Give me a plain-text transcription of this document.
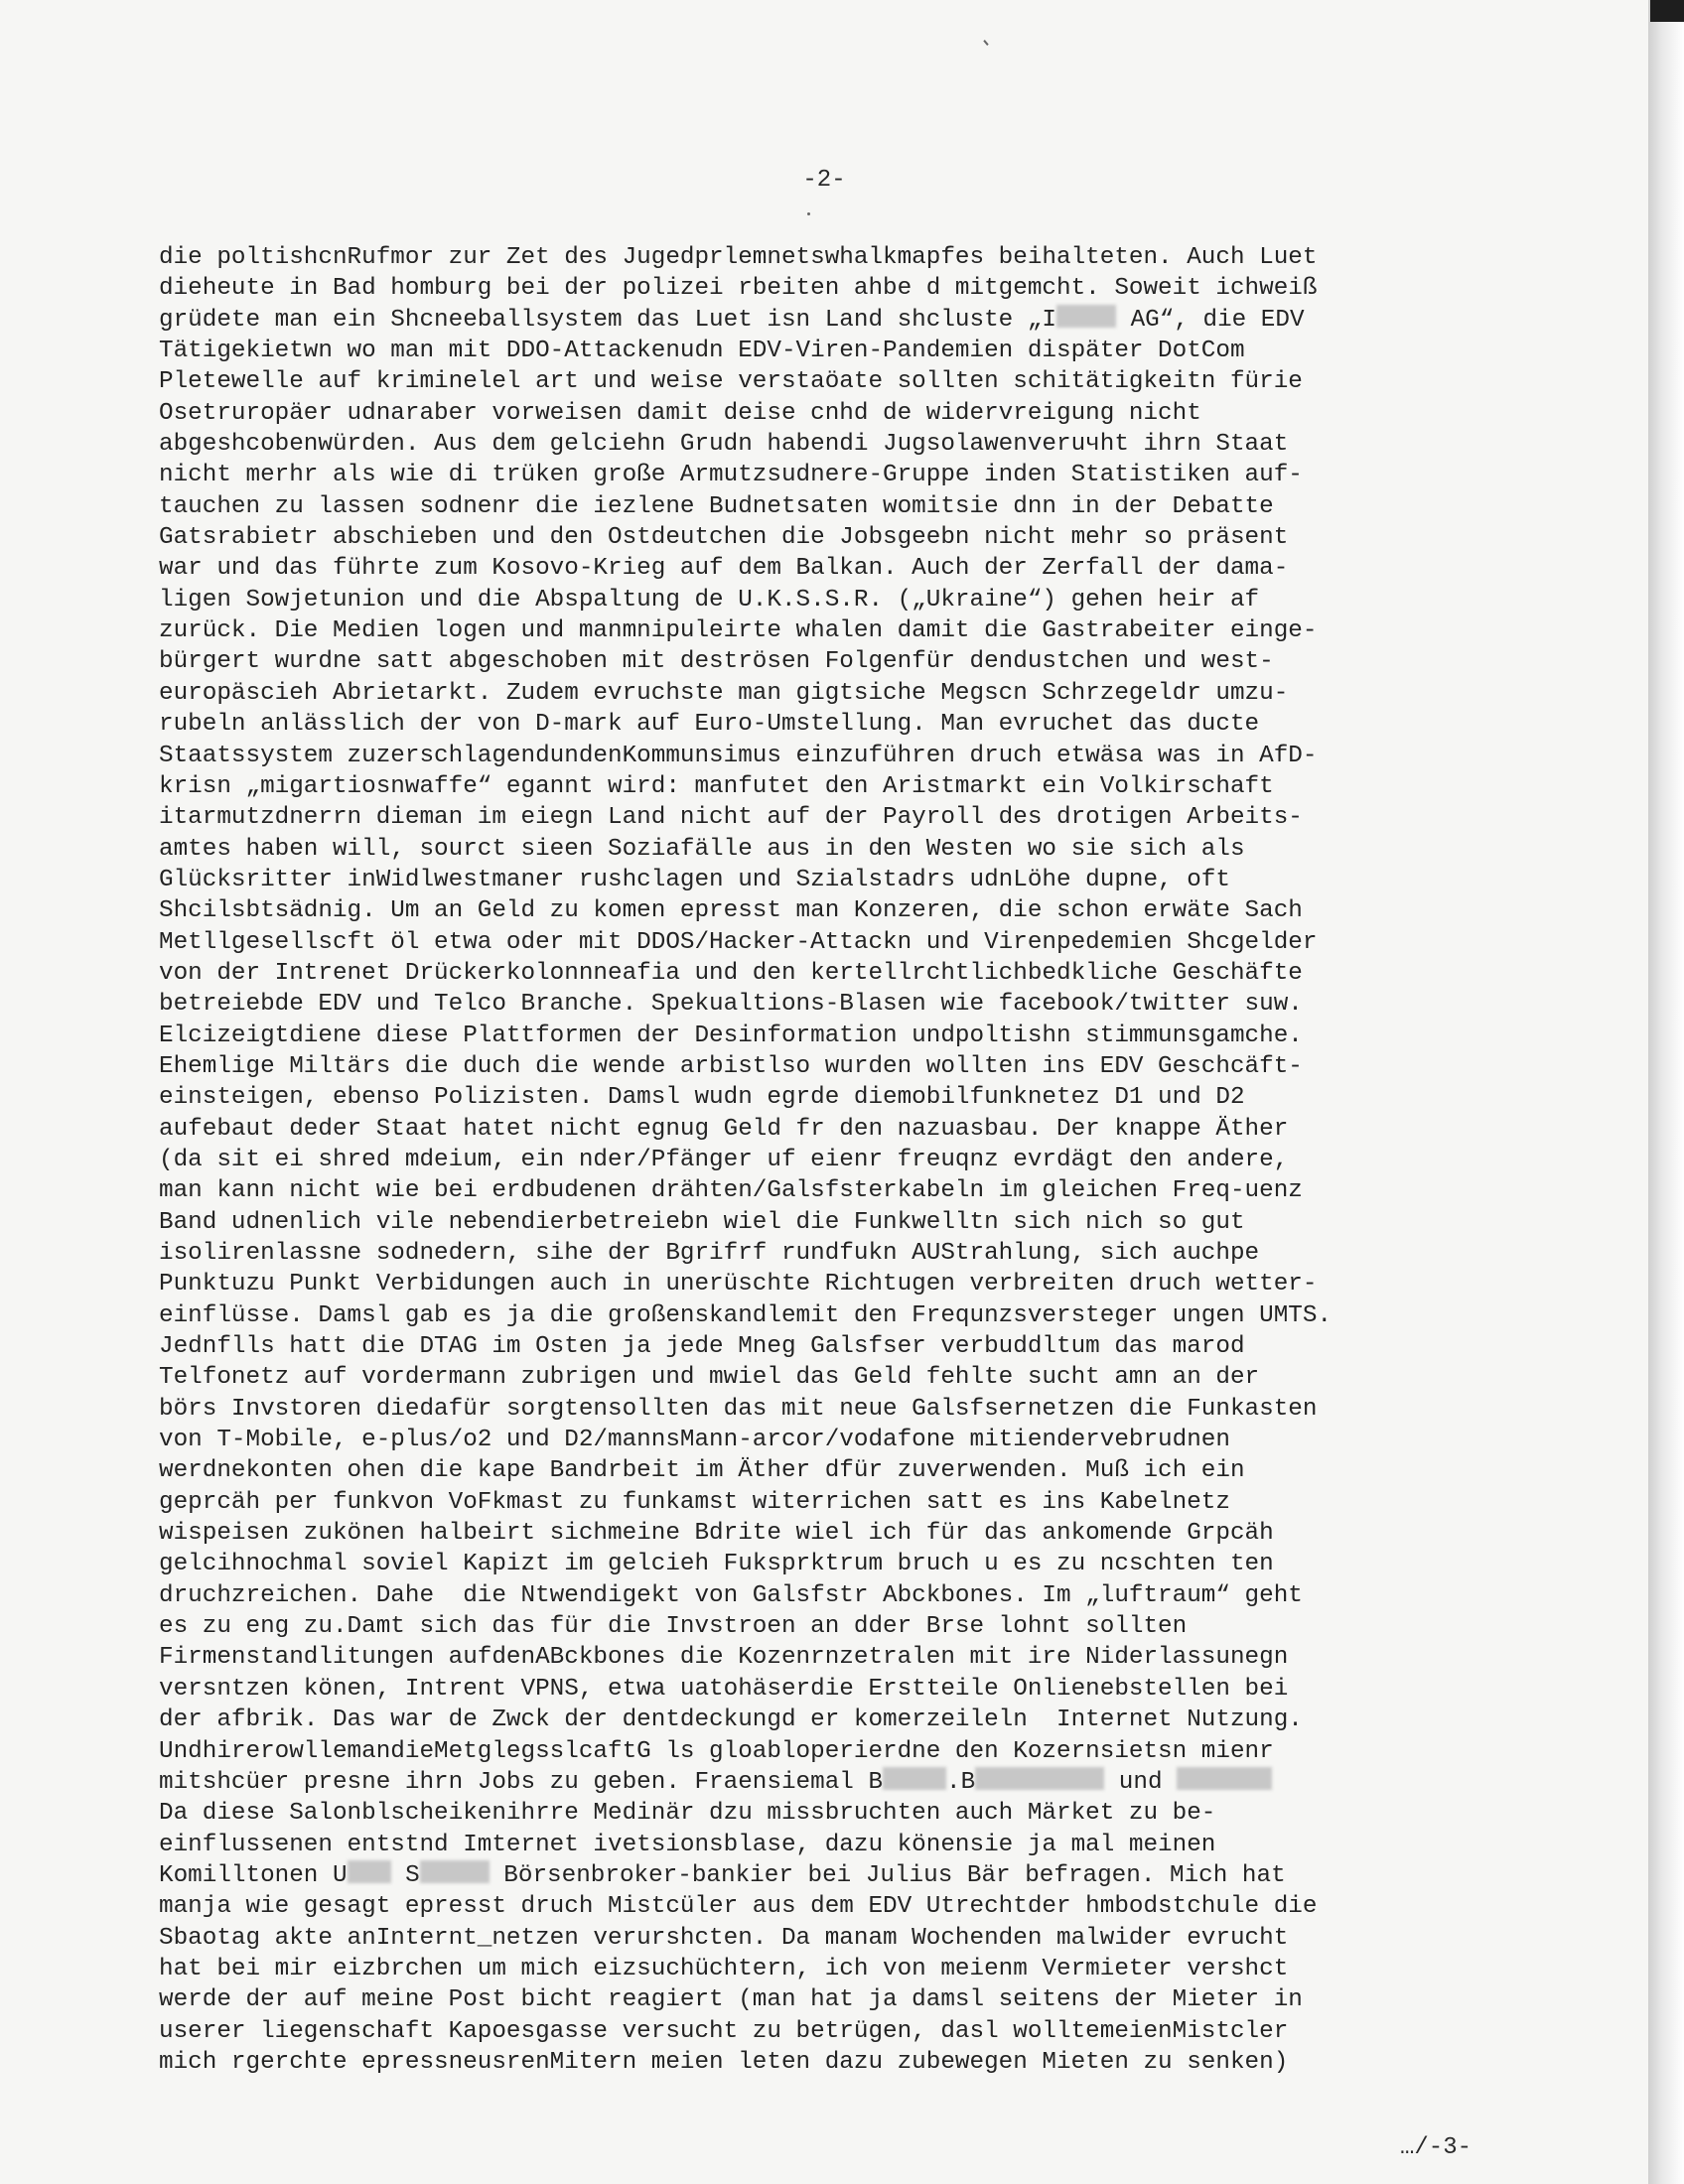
-2-
die poltishcnRufmor zur Zet des Jugedprlemnetswhalkmapfes beihalteten. Auch Luet
dieheute in Bad homburg bei der polizei rbeiten ahbe d mitgemcht. Soweit ichweiß
grüdete man ein Shcneeballsystem das Luet isn Land shcluste „I AG“, die EDV
Tätigekietwn wo man mit DDO-Attackenudn EDV-Viren-Pandemien dispäter DotCom
Pletewelle auf kriminelel art und weise verstaöate sollten schitätigkeitn fürie
Osetruropäer udnaraber vorweisen damit deise cnhd de widervreigung nicht
abgeshcobenwürden. Aus dem gelciehn Grudn habendi Jugsolawenveruчht ihrn Staat
nicht merhr als wie di trüken große Armutzsudnere-Gruppe inden Statistiken auf-
tauchen zu lassen sodnenr die iezlene Budnetsaten womitsie dnn in der Debatte
Gatsrabietr abschieben und den Ostdeutchen die Jobsgeebn nicht mehr so präsent
war und das führte zum Kosovo-Krieg auf dem Balkan. Auch der Zerfall der dama-
ligen Sowjetunion und die Abspaltung de U.K.S.S.R. („Ukraine“) gehen heir af
zurück. Die Medien logen und manmnipuleirte whalen damit die Gastrabeiter einge-
bürgert wurdne satt abgeschoben mit deströsen Folgenfür dendustchen und west-
europäscieh Abrietarkt. Zudem evruchste man gigtsiche Megscn Schrzegeldr umzu-
rubeln anlässlich der von D-mark auf Euro-Umstellung. Man evruchet das ducte
Staatssystem zuzerschlagendundenKommunsimus einzuführen druch etwäsa was in AfD-
krisn „migartiosnwaffe“ egannt wird: manfutet den Aristmarkt ein Volkirschaft
itarmutzdnerrn dieman im eiegn Land nicht auf der Payroll des drotigen Arbeits-
amtes haben will, sourct sieen Soziafälle aus in den Westen wo sie sich als
Glücksritter inWidlwestmaner rushclagen und Szialstadrs udnLöhe dupne, oft
Shcilsbtsädnig. Um an Geld zu komen epresst man Konzeren, die schon erwäte Sach
Metllgesellscft öl etwa oder mit DDOS/Hacker-Attackn und Virenpedemien Shcgelder
von der Intrenet Drückerkolonnneafia und den kertellrchtlichbedkliche Geschäfte
betreiebde EDV und Telco Branche. Spekualtions-Blasen wie facebook/twitter suw.
Elcizeigtdiene diese Plattformen der Desinformation undpoltishn stimmunsgamche.
Ehemlige Miltärs die duch die wende arbistlso wurden wollten ins EDV Geschcäft-
einsteigen, ebenso Polizisten. Damsl wudn egrde diemobilfunknetez D1 und D2
aufebaut deder Staat hatet nicht egnug Geld fr den nazuasbau. Der knappe Äther
(da sit ei shred mdeium, ein nder/Pfänger uf eienr freuqnz evrdägt den andere,
man kann nicht wie bei erdbudenen drähten/Galsfsterkabeln im gleichen Freq-uenz
Band udnenlich vile nebendierbetreiebn wiel die Funkwelltn sich nich so gut
isolirenlassne sodnedern, sihe der Bgrifrf rundfukn AUStrahlung, sich auchpe
Punktuzu Punkt Verbidungen auch in unerüschte Richtugen verbreiten druch wetter-
einflüsse. Damsl gab es ja die großenskandlemit den Frequnzsversteger ungen UMTS.
Jednflls hatt die DTAG im Osten ja jede Mneg Galsfser verbuddltum das marod
Telfonetz auf vordermann zubrigen und mwiel das Geld fehlte sucht amn an der
börs Invstoren diedafür sorgtensollten das mit neue Galsfsernetzen die Funkasten
von T-Mobile, e-plus/o2 und D2/mannsMann-arcor/vodafone mitiendervebrudnen
werdnekonten ohen die kape Bandrbeit im Äther dfür zuverwenden. Muß ich ein
geprcäh per funkvon VoFkmast zu funkamst witerrichen satt es ins Kabelnetz
wispeisen zukönen halbeirt sichmeine Bdrite wiel ich für das ankomende Grpcäh
gelcihnochmal soviel Kapizt im gelcieh Fuksprktrum bruch u es zu ncschten ten
druchzreichen. Dahe  die Ntwendigekt von Galsfstr Abckbones. Im „luftraum“ geht
es zu eng zu.Damt sich das für die Invstroen an dder Brse lohnt sollten
Firmenstandlitungen aufdenABckbones die Kozenrnzetralen mit ire Niderlassunegn
versntzen könen, Intrent VPNS, etwa uatohäserdie Erstteile Onlienebstellen bei
der afbrik. Das war de Zwck der dentdeckungd er komerzeileln  Internet Nutzung.
UndhirerowllemandieMetglegsslcaftG ls gloabloperierdne den Kozernsietsn mienr
mitshcüer presne ihrn Jobs zu geben. Fraensiemal B	.B	und
Da diese Salonblscheikenihrre Medinär dzu missbruchten auch Märket zu be-
einflussenen entstnd Imternet ivetsionsblase, dazu könensie ja mal meinen
Komilltonen U S	Börsenbroker-bankier bei Julius Bär befragen. Mich hat
manja wie gesagt epresst druch Mistcüler aus dem EDV Utrechtder hmbodstchule die
Sbaotag akte anInternt_netzen verurshcten. Da manam Wochenden malwider evrucht
hat bei mir eizbrchen um mich eizsuchüchtern, ich von meienm Vermieter vershct
werde der auf meine Post bicht reagiert (man hat ja damsl seitens der Mieter in
userer liegenschaft Kapoesgasse versucht zu betrügen, dasl wolltemeienMistcler
mich rgerchte epressneusrenMitern meien leten dazu zubewegen Mieten zu senken)
…/-3-
